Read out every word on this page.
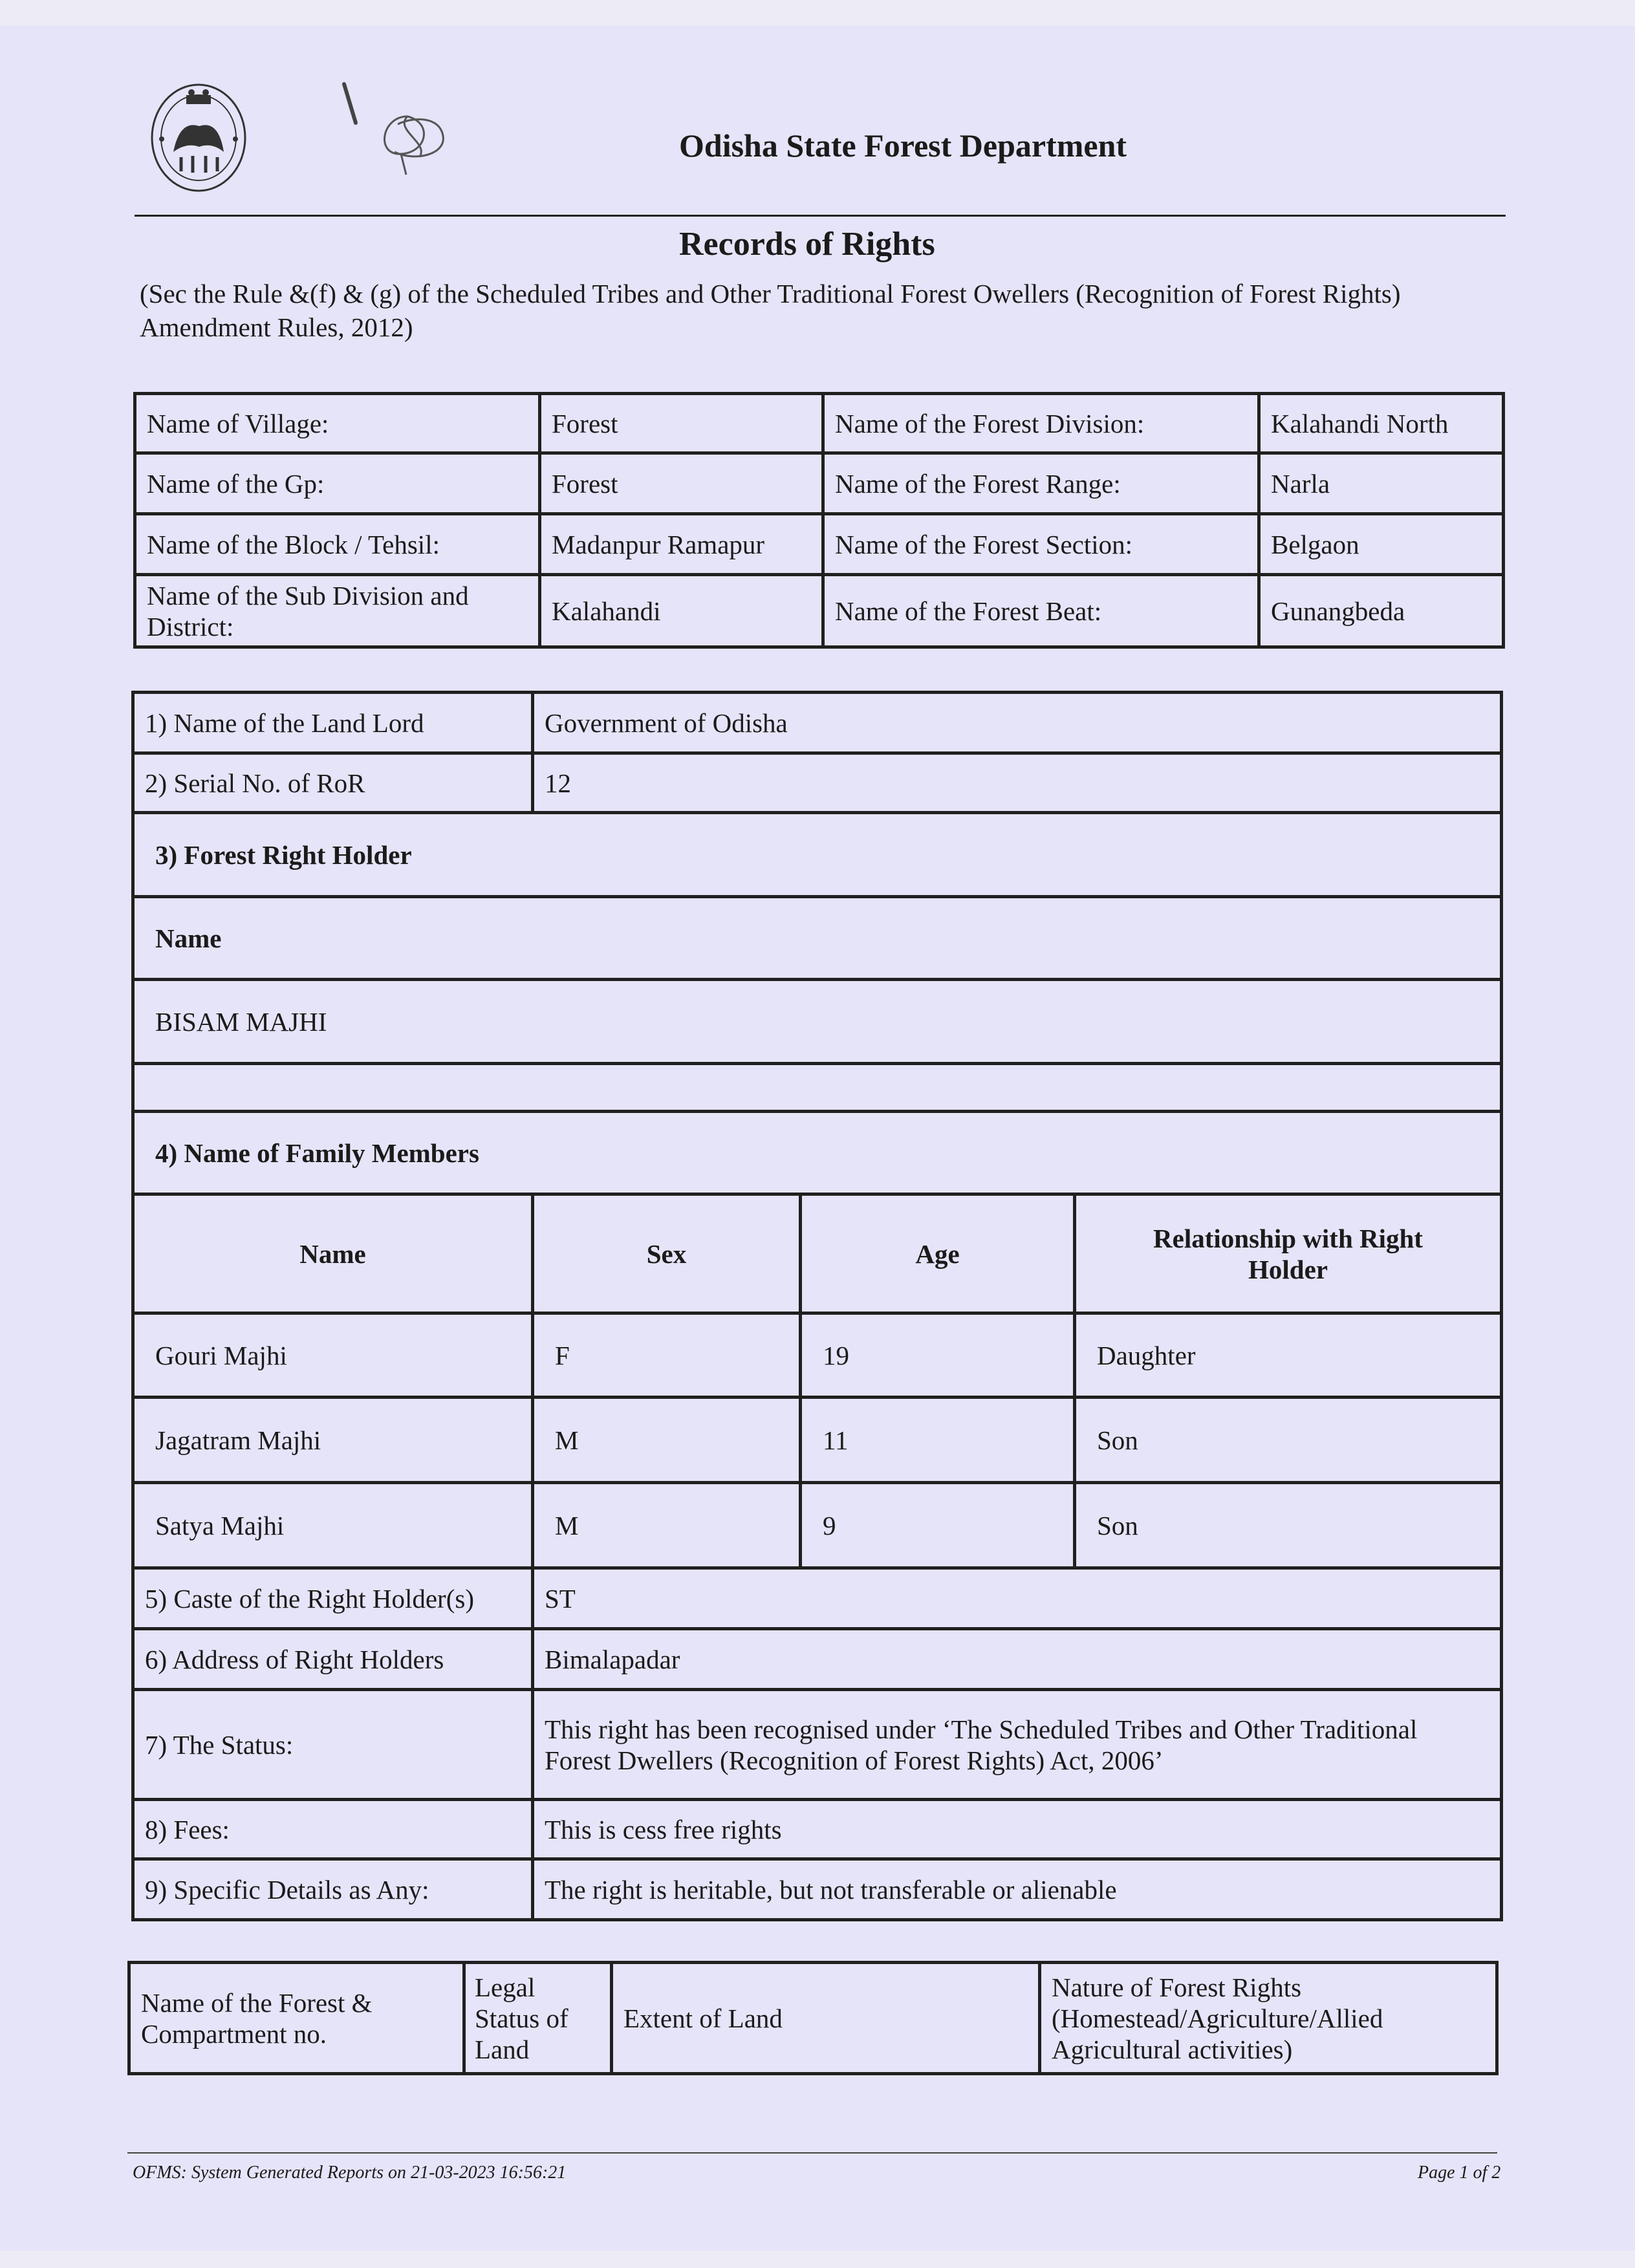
Odisha State Forest Department
Records of Rights
(Sec the Rule &(f) & (g) of the Scheduled Tribes and Other Traditional Forest Owellers (Recognition of Forest Rights) Amendment Rules, 2012)
Name of Village:	Forest	Name of the Forest Division:	Kalahandi North
Name of the Gp:	Forest	Name of the Forest Range:	Narla
Name of the Block / Tehsil:	Madanpur Ramapur	Name of the Forest Section:	Belgaon
Name of the Sub Division and District:	Kalahandi	Name of the Forest Beat:	Gunangbeda
1) Name of the Land Lord	Government of Odisha		
2) Serial No. of RoR	12		
3) Forest Right Holder			
Name			
BISAM MAJHI			

4) Name of Family Members			
Name	Sex	Age	Relationship with Right Holder
Gouri Majhi	F	19	Daughter
Jagatram Majhi	M	11	Son
Satya Majhi	M	9	Son
5) Caste of the Right Holder(s)	ST		
6) Address of Right Holders	Bimalapadar		
7) The Status:	This right has been recognised under ‘The Scheduled Tribes and Other Traditional
Forest Dwellers (Recognition of Forest Rights) Act, 2006’		

8) Fees:	This is cess free rights		
9) Specific Details as Any:	The right is heritable, but not transferable or alienable		
Name of the Forest & Compartment no.	Legal Status of Land	Extent of Land	Nature of Forest Rights (Homestead/Agriculture/Allied Agricultural activities)
OFMS: System Generated Reports on 21-03-2023 16:56:21	Page 1 of 2
